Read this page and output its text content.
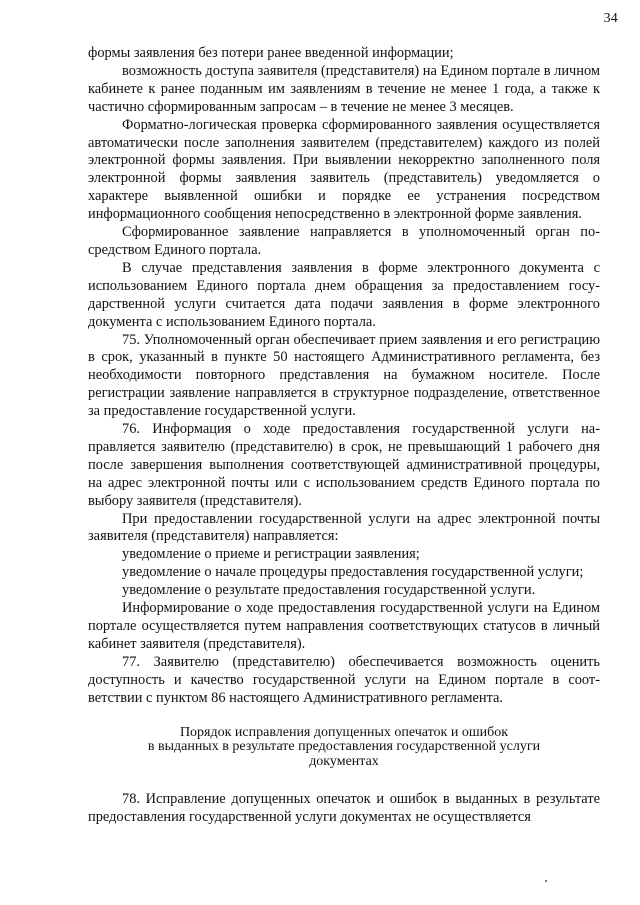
34

формы заявления без потери ранее введенной информации;

возможность доступа заявителя (представителя) на Едином портале в личном кабинете к ранее поданным им заявлениям в течение не менее 1 года, а также к частично сформированным запросам – в течение не менее 3 месяцев.

Форматно-логическая проверка сформированного заявления осуществляется автоматически после заполнения заявителем (представителем) каждого из полей электронной формы заявления. При выявлении некорректно заполненного поля электронной формы заявления заявитель (представитель) уведомляется о характере выявленной ошибки и порядке ее устранения посредством информационного сообщения непосредственно в электронной форме заявления.

Сформированное заявление направляется в уполномоченный орган посредством Единого портала.

В случае представления заявления в форме электронного документа с использованием Единого портала днем обращения за предоставлением государственной услуги считается дата подачи заявления в форме электронного документа с использованием Единого портала.

75. Уполномоченный орган обеспечивает прием заявления и его регистрацию в срок, указанный в пункте 50 настоящего Административного регламента, без необходимости повторного представления на бумажном носителе. После регистрации заявление направляется в структурное подразделение, ответственное за предоставление государственной услуги.

76. Информация о ходе предоставления государственной услуги направляется заявителю (представителю) в срок, не превышающий 1 рабочего дня после завершения выполнения соответствующей административной процедуры, на адрес электронной почты или с использованием средств Единого портала по выбору заявителя (представителя).

При предоставлении государственной услуги на адрес электронной почты заявителя (представителя) направляется:

уведомление о приеме и регистрации заявления;

уведомление о начале процедуры предоставления государственной услуги;

уведомление о результате предоставления государственной услуги.

Информирование о ходе предоставления государственной услуги на Едином портале осуществляется путем направления соответствующих статусов в личный кабинет заявителя (представителя).

77. Заявителю (представителю) обеспечивается возможность оценить доступность и качество государственной услуги на Едином портале в соответствии с пунктом 86 настоящего Административного регламента.

Порядок исправления допущенных опечаток и ошибок
в выданных в результате предоставления государственной услуги
документах

78. Исправление допущенных опечаток и ошибок в выданных в результате предоставления государственной услуги документах не осуществляется
